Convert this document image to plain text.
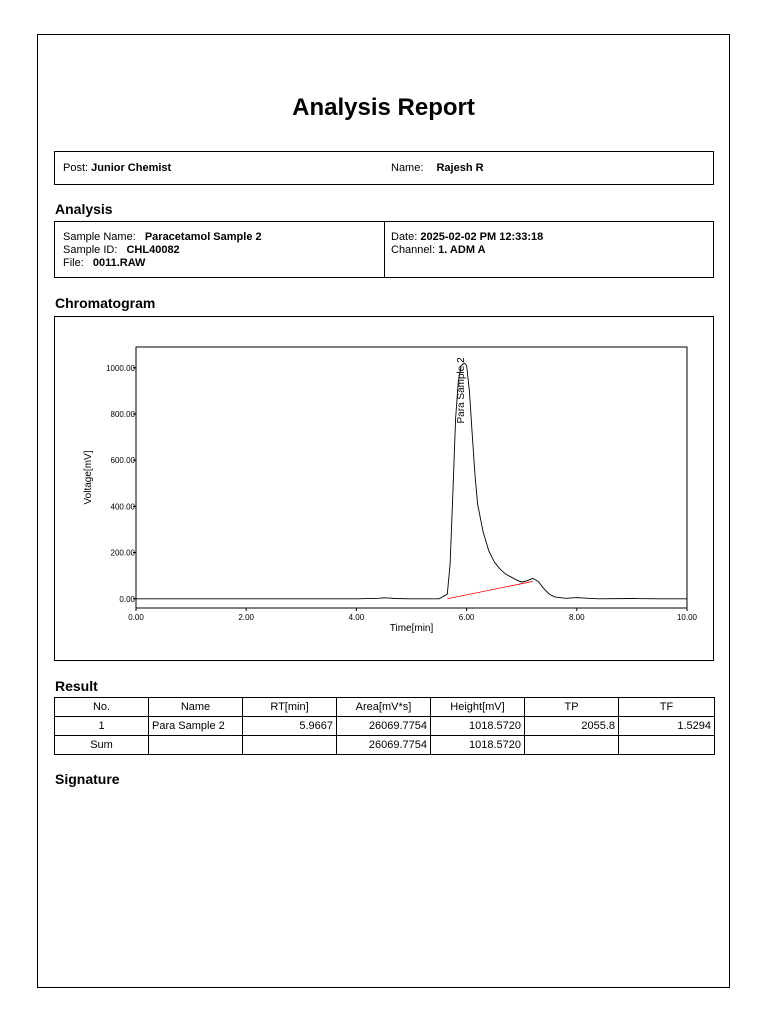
Analysis Report
Post: Junior Chemist	Name: Rajesh R
Analysis
Sample Name: Paracetamol Sample 2
Sample ID: CHL40082
File: 0011.RAW
Date: 2025-02-02 PM 12:33:18
Channel: 1. ADM A
Chromatogram
0.00	2.00	4.00	6.00	8.00	10.00
0.00
200.00
400.00
600.00
800.00
1000.00
Time[min]
Voltage[mV]
Para Sample 2
Result
No.	Name	RT[min]	Area[mV*s]	Height[mV]	TP	TF
1	Para Sample 2	5.9667	26069.7754	1018.5720	2055.8	1.5294
Sum			26069.7754	1018.5720		
Signature
